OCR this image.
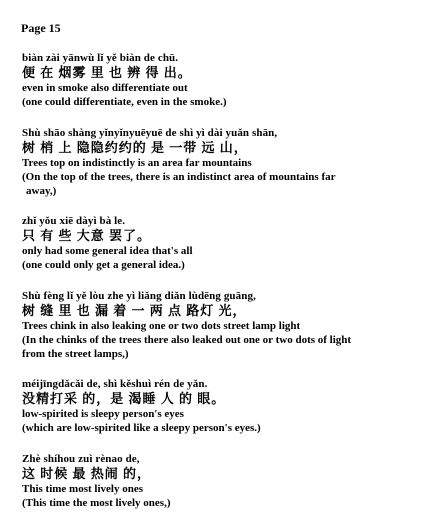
Page 15
biàn zài yānwù lǐ yě biàn de chū.
便 在 烟雾 里 也 辨 得 出。
even in smoke also differentiate out
(one could differentiate, even in the smoke.)
Shù shāo shàng yǐnyǐnyuēyuē de shì yì dài yuǎn shān,
树 梢 上 隐隐约约的 是 一带 远 山，
Trees top on indistinctly is an area far mountains
(On the top of the trees, there is an indistinct area of mountains far
away,)
zhǐ yǒu xiē dàyì bà le.
只 有 些 大意 罢了。
only had some general idea that's all
(one could only get a general idea.)
Shù fèng lǐ yě lòu zhe yì liǎng diǎn lùdēng guāng,
树 缝 里 也 漏 着 一 两 点 路灯 光，
Trees chink in also leaking one or two dots street lamp light
(In the chinks of the trees there also leaked out one or two dots of light
from the street lamps,)
méijīngdǎcǎi de, shì kěshuì rén de yǎn.
没精打采 的，是 渴睡 人 的 眼。
low-spirited is sleepy person's eyes
(which are low-spirited like a sleepy person's eyes.)
Zhè shíhou zuì rènao de,
这 时候 最 热闹 的，
This time most lively ones
(This time the most lively ones,)
